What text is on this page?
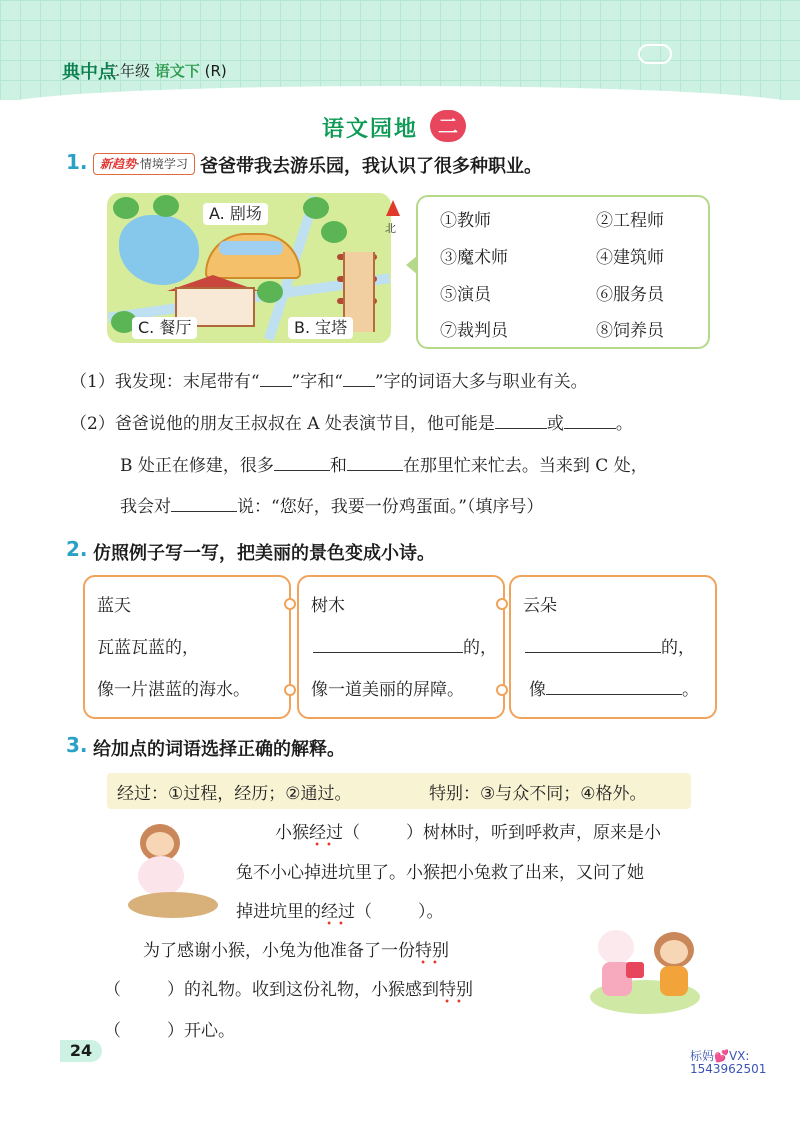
典中点
二年级 语文下 (R)
语文园地 二
1.	新趋势·情境学习 爸爸带我去游乐园，我认识了很多种职业。
A. 剧场
B. 宝塔
C. 餐厅
北	①教师	②工程师
③魔术师	④建筑师
⑤演员	⑥服务员
⑦裁判员	⑧饲养员
（1）我发现：末尾带有“ ”字和“ ”字的词语大多与职业有关。
（2）爸爸说他的朋友王叔叔在 A 处表演节目，他可能是	或	。
B 处正在修建，很多	和	在那里忙来忙去。当来到 C 处，
我会对	说：“您好，我要一份鸡蛋面。”（填序号）
2. 仿照例子写一写，把美丽的景色变成小诗。
蓝天
瓦蓝瓦蓝的，
像一片湛蓝的海水。
树木
的，
像一道美丽的屏障。
云朵
的，
像	。
3. 给加点的词语选择正确的解释。
经过：①过程，经历；②通过。	特别：③与众不同；④格外。
小猴经过
••
（	）树林时，听到呼救声，原来是小
兔不小心掉进坑里了。小猴把小兔救了出来，又问了她
掉进坑里的经过
••
（	）。
为了感谢小猴，小兔为他准备了一份特别
••
（	）的礼物。收到这份礼物，小猴感到特别
••
（	）开心。
24	标妈💕VX:
1543962501
